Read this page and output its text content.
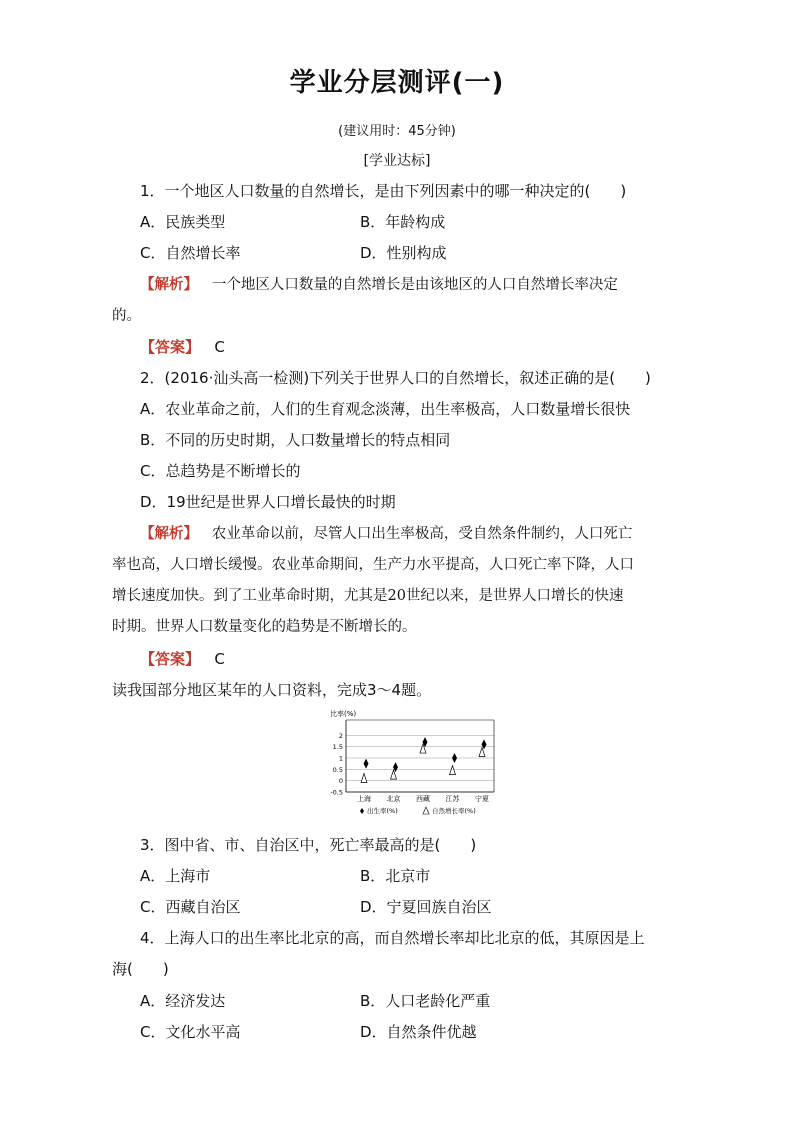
学业分层测评(一)
(建议用时：45分钟)
[学业达标]
1．一个地区人口数量的自然增长，是由下列因素中的哪一种决定的(　　)
A．民族类型	B．年龄构成
C．自然增长率	D．性别构成
【解析】 一个地区人口数量的自然增长是由该地区的人口自然增长率决定
的。
【答案】 C
2．(2016·汕头高一检测)下列关于世界人口的自然增长，叙述正确的是(　　)
A．农业革命之前，人们的生育观念淡薄，出生率极高，人口数量增长很快
B．不同的历史时期，人口数量增长的特点相同
C．总趋势是不断增长的
D．19世纪是世界人口增长最快的时期
【解析】 农业革命以前，尽管人口出生率极高，受自然条件制约，人口死亡
率也高，人口增长缓慢。农业革命期间，生产力水平提高，人口死亡率下降，人口
增长速度加快。到了工业革命时期，尤其是20世纪以来，是世界人口增长的快速
时期。世界人口数量变化的趋势是不断增长的。
【答案】 C
读我国部分地区某年的人口资料，完成3～4题。
比率(%)
2
1.5
1
0.5
0
-0.5
上海 北京 西藏 江苏 宁夏
出生率(%)	自然增长率(%)
3．图中省、市、自治区中，死亡率最高的是(　　)
A．上海市	B．北京市
C．西藏自治区	D．宁夏回族自治区
4．上海人口的出生率比北京的高，而自然增长率却比北京的低，其原因是上
海(　　)
A．经济发达	B．人口老龄化严重
C．文化水平高	D．自然条件优越
